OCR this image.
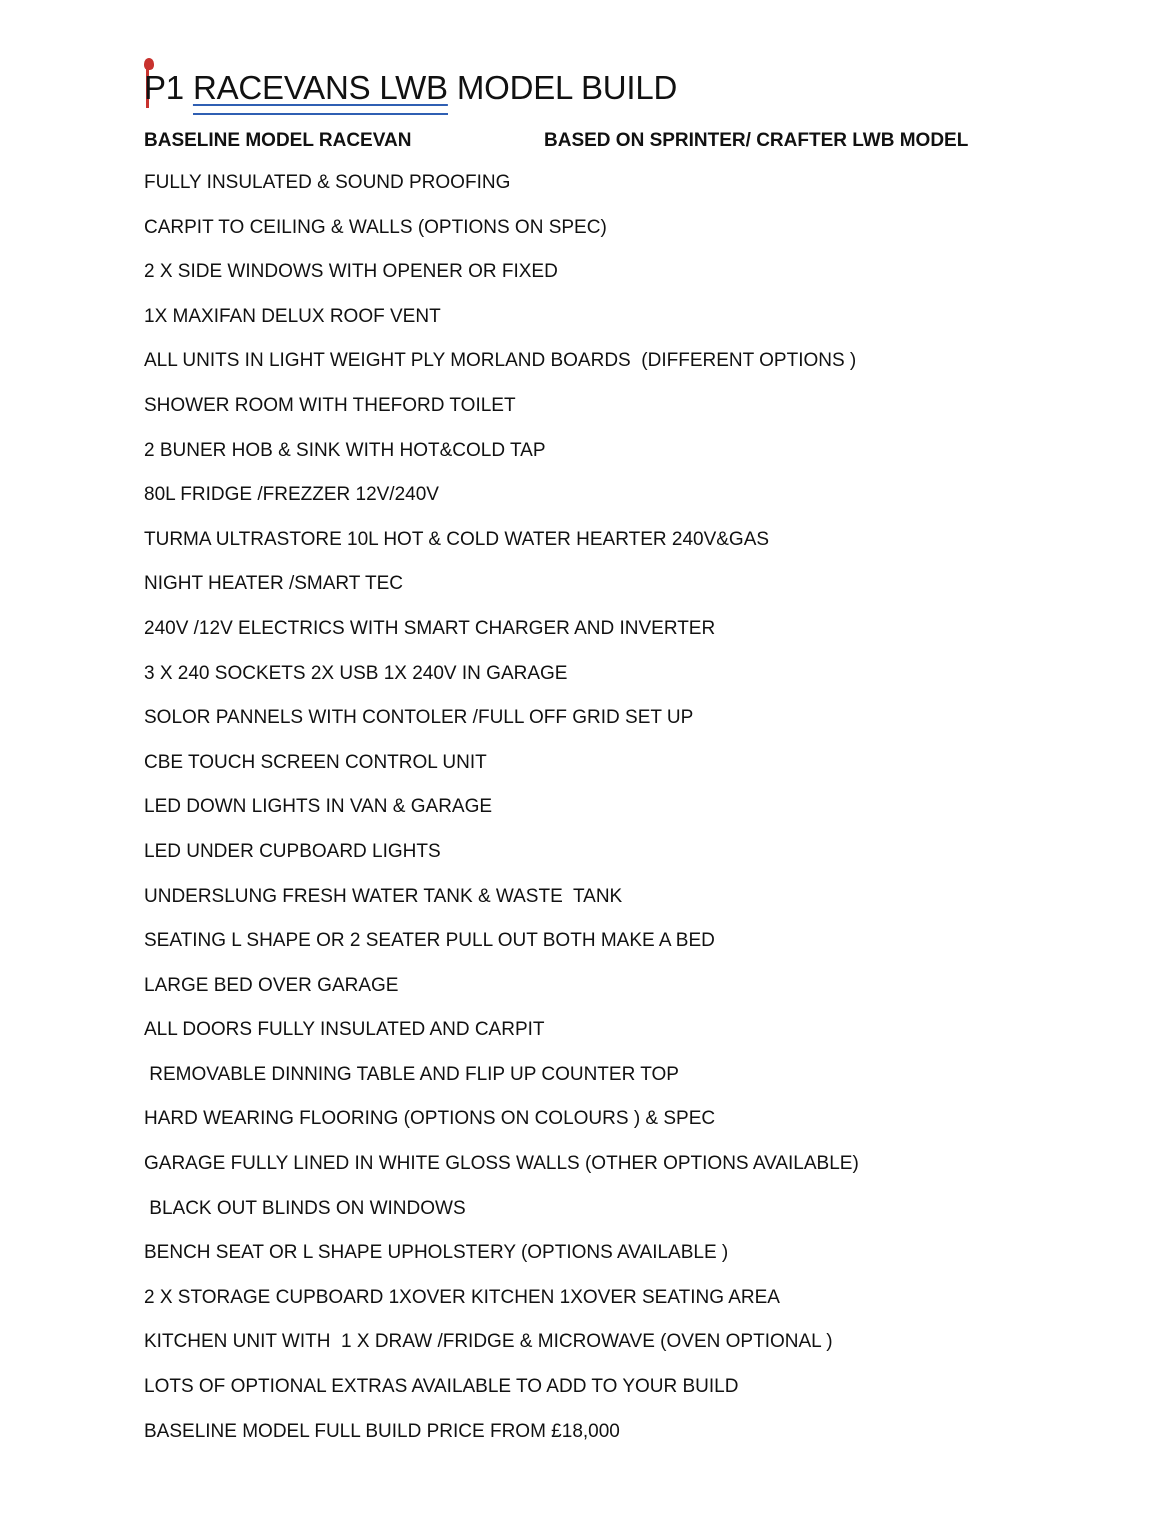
P1 RACEVANS LWB MODEL BUILD
BASELINE MODEL RACEVAN	BASED ON SPRINTER/ CRAFTER LWB MODEL
FULLY INSULATED & SOUND PROOFING
CARPIT TO CEILING & WALLS (OPTIONS ON SPEC)
2 X SIDE WINDOWS WITH OPENER OR FIXED
1X MAXIFAN DELUX ROOF VENT
ALL UNITS IN LIGHT WEIGHT PLY MORLAND BOARDS  (DIFFERENT OPTIONS )
SHOWER ROOM WITH THEFORD TOILET
2 BUNER HOB & SINK WITH HOT&COLD TAP
80L FRIDGE /FREZZER 12V/240V
TURMA ULTRASTORE 10L HOT & COLD WATER HEARTER 240V&GAS
NIGHT HEATER /SMART TEC
240V /12V ELECTRICS WITH SMART CHARGER AND INVERTER
3 X 240 SOCKETS 2X USB 1X 240V IN GARAGE
SOLOR PANNELS WITH CONTOLER /FULL OFF GRID SET UP
CBE TOUCH SCREEN CONTROL UNIT
LED DOWN LIGHTS IN VAN & GARAGE
LED UNDER CUPBOARD LIGHTS
UNDERSLUNG FRESH WATER TANK & WASTE  TANK
SEATING L SHAPE OR 2 SEATER PULL OUT BOTH MAKE A BED
LARGE BED OVER GARAGE
ALL DOORS FULLY INSULATED AND CARPIT
REMOVABLE DINNING TABLE AND FLIP UP COUNTER TOP
HARD WEARING FLOORING (OPTIONS ON COLOURS ) & SPEC
GARAGE FULLY LINED IN WHITE GLOSS WALLS (OTHER OPTIONS AVAILABLE)
BLACK OUT BLINDS ON WINDOWS
BENCH SEAT OR L SHAPE UPHOLSTERY (OPTIONS AVAILABLE )
2 X STORAGE CUPBOARD 1XOVER KITCHEN 1XOVER SEATING AREA
KITCHEN UNIT WITH  1 X DRAW /FRIDGE & MICROWAVE (OVEN OPTIONAL )
LOTS OF OPTIONAL EXTRAS AVAILABLE TO ADD TO YOUR BUILD
BASELINE MODEL FULL BUILD PRICE FROM £18,000
